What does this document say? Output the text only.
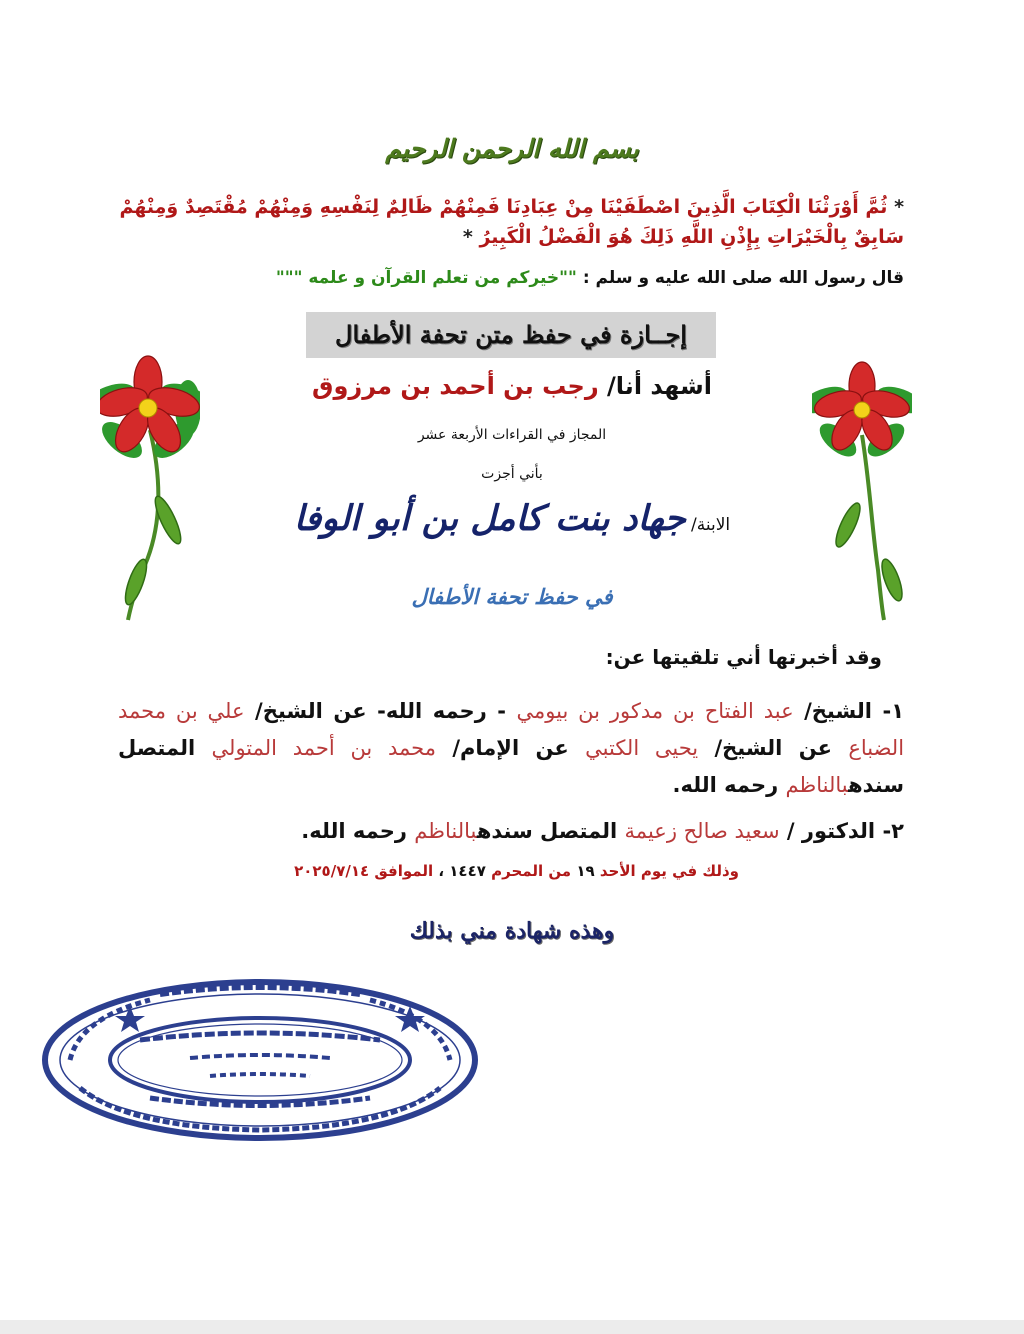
بسم الله الرحمن الرحيم
* ثُمَّ أَوْرَثْنَا الْكِتَابَ الَّذِينَ اصْطَفَيْنَا مِنْ عِبَادِنَا فَمِنْهُمْ ظَالِمٌ لِنَفْسِهِ وَمِنْهُمْ مُقْتَصِدٌ وَمِنْهُمْ سَابِقٌ بِالْخَيْرَاتِ بِإِذْنِ اللَّهِ ذَلِكَ هُوَ الْفَضْلُ الْكَبِيرُ *
قال رسول الله صلى الله عليه و سلم : ""خيركم من تعلم القرآن و علمه """
إجــازة في حفظ متن تحفة الأطفال
أشهد أنا/ رجب بن أحمد بن مرزوق
المجاز في القراءات الأربعة عشر
بأني أجزت
الابنة/ جهاد بنت كامل بن أبو الوفا
في حفظ تحفة الأطفال
وقد أخبرتها أني تلقيتها عن:
١- الشيخ/ عبد الفتاح بن مدكور بن بيومي - رحمه الله- عن الشيخ/ علي بن محمد الضباع عن الشيخ/ يحيى الكتبي عن الإمام/ محمد بن أحمد المتولي المتصل سندهبالناظم رحمه الله.
٢- الدكتور / سعيد صالح زعيمة المتصل سندهبالناظم رحمه الله.
وذلك في يوم الأحد ١٩ من المحرم ١٤٤٧ ، الموافق ٢٠٢٥/٧/١٤
وهذه شهادة مني بذلك
